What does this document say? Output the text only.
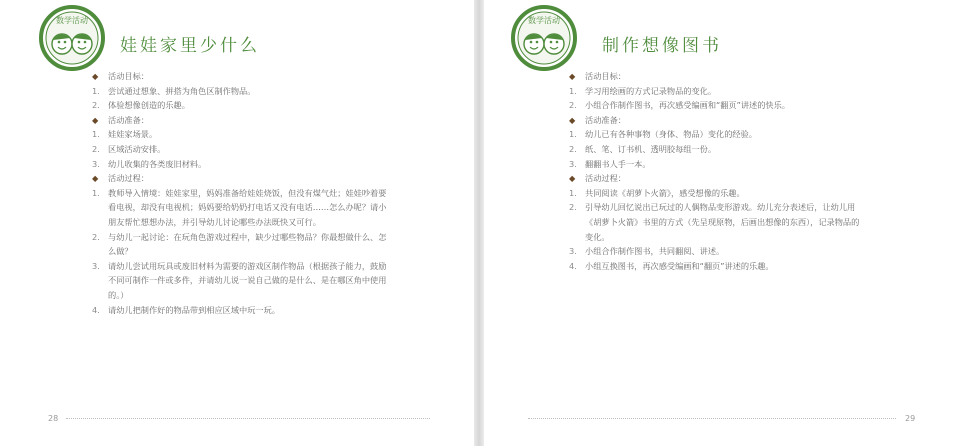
数学活动
娃娃家里少什么
◆ 活动目标：
1. 尝试通过想象、拼搭为角色区制作物品。
2. 体验想像创造的乐趣。
◆ 活动准备：
1. 娃娃家场景。
2. 区域活动安排。
3. 幼儿收集的各类废旧材料。
◆ 活动过程：
1. 教师导入情境：娃娃家里，妈妈准备给娃娃烧饭，但没有煤气灶；娃娃吵着要看电视，却没有电视机；妈妈要给奶奶打电话又没有电话……怎么办呢？请小朋友帮忙想想办法，并引导幼儿讨论哪些办法既快又可行。
2. 与幼儿一起讨论：在玩角色游戏过程中，缺少过哪些物品？你最想做什么、怎么做？
3. 请幼儿尝试用玩具或废旧材料为需要的游戏区制作物品（根据孩子能力，鼓励不同可制作一件或多件，并请幼儿说一说自己做的是什么、是在哪区角中使用的。）
4. 请幼儿把制作好的物品带到相应区域中玩一玩。
28
数学活动
制作想像图书
◆ 活动目标：
1. 学习用绘画的方式记录物品的变化。
2. 小组合作制作图书，再次感受编画和“翻页”讲述的快乐。
◆ 活动准备：
1. 幼儿已有各种事物（身体、物品）变化的经验。
2. 纸、笔、订书机、透明胶每组一份。
3. 翻翻书人手一本。
◆ 活动过程：
1. 共同阅读《胡萝卜火箭》，感受想像的乐趣。
2. 引导幼儿回忆说出已玩过的人偶物品变形游戏。幼儿充分表述后，让幼儿用《胡萝卜火箭》书里的方式（先呈现原物，后画出想像的东西），记录物品的变化。
3. 小组合作制作图书，共同翻阅、讲述。
4. 小组互换图书，再次感受编画和“翻页”讲述的乐趣。
29
